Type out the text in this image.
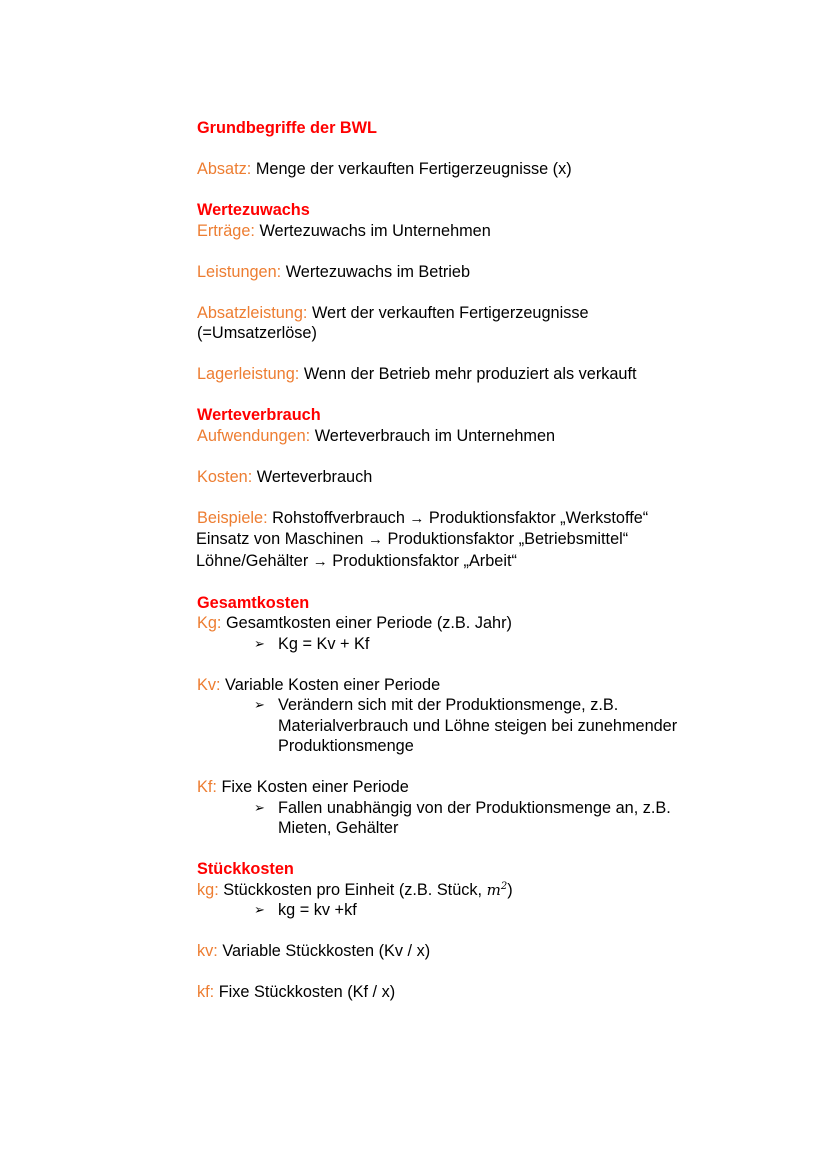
Grundbegriffe der BWL
Absatz: Menge der verkauften Fertigerzeugnisse (x)
Wertezuwachs
Erträge: Wertezuwachs im Unternehmen
Leistungen: Wertezuwachs im Betrieb
Absatzleistung: Wert der verkauften Fertigerzeugnisse
(=Umsatzerlöse)
Lagerleistung: Wenn der Betrieb mehr produziert als verkauft
Werteverbrauch
Aufwendungen: Werteverbrauch im Unternehmen
Kosten: Werteverbrauch
Beispiele: Rohstoffverbrauch → Produktionsfaktor „Werkstoffe“
Einsatz von Maschinen → Produktionsfaktor „Betriebsmittel“
Löhne/Gehälter → Produktionsfaktor „Arbeit“
Gesamtkosten
Kg: Gesamtkosten einer Periode (z.B. Jahr)
➢ Kg = Kv + Kf
Kv: Variable Kosten einer Periode
➢ Verändern sich mit der Produktionsmenge, z.B.
Materialverbrauch und Löhne steigen bei zunehmender
Produktionsmenge
Kf: Fixe Kosten einer Periode
➢ Fallen unabhängig von der Produktionsmenge an, z.B.
Mieten, Gehälter
Stückkosten
kg: Stückkosten pro Einheit (z.B. Stück, $m^2$)
➢ kg = kv +kf
kv: Variable Stückkosten (Kv / x)
kf: Fixe Stückkosten (Kf / x)
